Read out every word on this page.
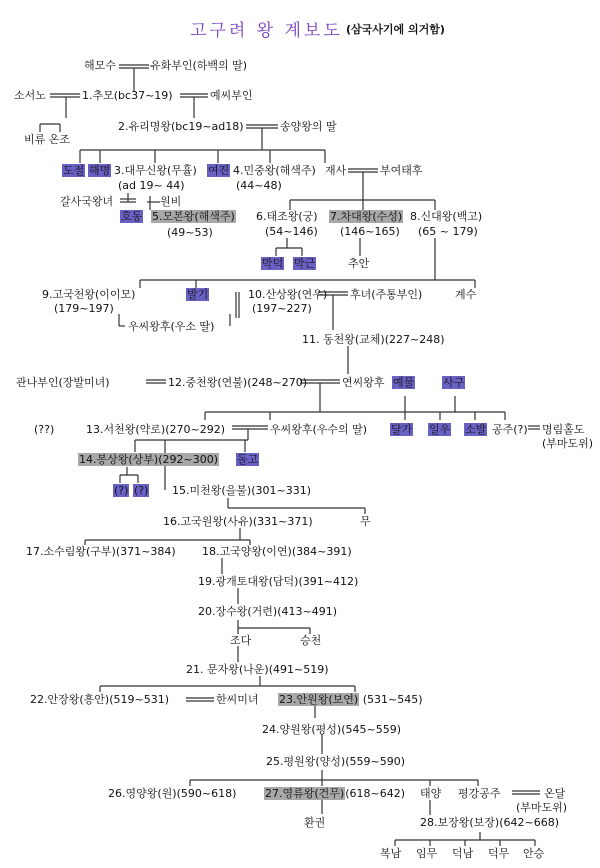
고구려 왕 계보도 (삼국사기에 의거함)
해모수	유화부인(하백의 딸)
소서노	1.추모(bc37~19)	예씨부인
비류 온조
2.유리명왕(bc19~ad18)	송양왕의 딸
도절 해명 3.대무신왕(무휼)
(ad 19~ 44)
여진 4.민중왕(해색주)
(44~48)
재사	부여태후
갈사국왕녀	원비
호동 5.모본왕(해색주)
(49~53)
6.태조왕(궁)
(54~146)
7.차대왕(수성)
(146~165)
8.신대왕(백고)
(65 ~ 179)
막덕 막근	추안
9.고국천왕(이이모)
(179~197)
발기	10.산상왕(연우)
(197~227)
후녀(주통부인)	계수
우씨왕후(우소 딸)
11. 동천왕(교체)(227~248)
관나부인(장발미녀)	12.중천왕(연불)(248~270)	연씨왕후 예물	사구
(??)	13.서천왕(약로)(270~292)	우씨왕후(우수의 딸) 달가 일우 소발 공주(?) 명림홀도
(부마도위)
14.봉상왕(상부)(292~300) 돌고
(?) (?) 15.미천왕(을불)(301~331)
16.고국원왕(사유)(331~371)	무
17.소수림왕(구부)(371~384) 18.고국양왕(이연)(384~391)
19.광개토대왕(담덕)(391~412)
20.장수왕(거련)(413~491)
조다	승천
21. 문자왕(나운)(491~519)
22.안장왕(흥안)(519~531)	한씨미녀 23.안원왕(보연) (531~545)
24.양원왕(평성)(545~559)
25.평원왕(양성)(559~590)
26.영양왕(원)(590~618)	27.영류왕(건무)(618~642) 태양 평강공주	온달
(부마도위)
환권	28.보장왕(보장)(642~668)
복남 임무 덕남 덕무 안승
